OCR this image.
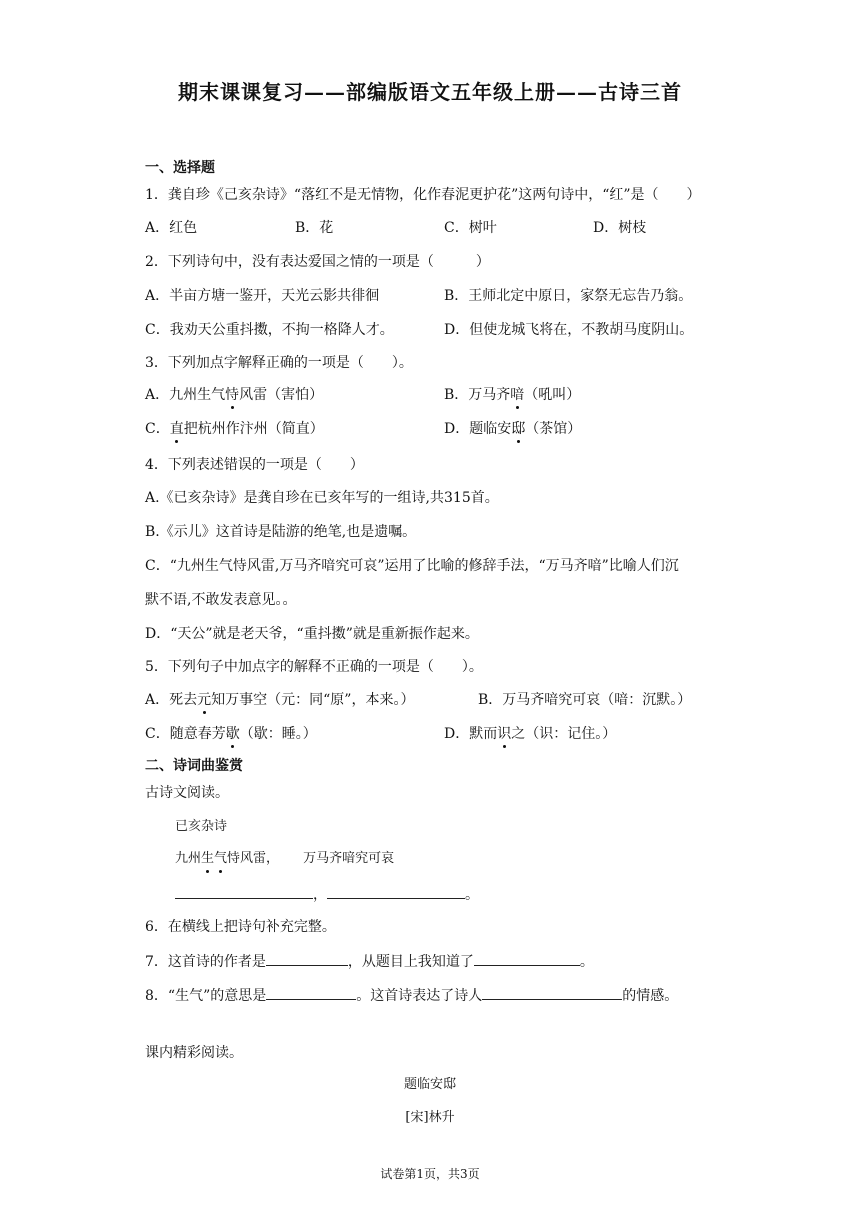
期末课课复习——部编版语文五年级上册——古诗三首
一、选择题
1．龚自珍《己亥杂诗》“落红不是无情物，化作春泥更护花”这两句诗中，“红”是（　　）
A．红色	B．花	C．树叶	D．树枝
2．下列诗句中，没有表达爱国之情的一项是（　　　）
A．半亩方塘一鉴开，天光云影共徘徊	B．王师北定中原日，家祭无忘告乃翁。
C．我劝天公重抖擞，不拘一格降人才。	D．但使龙城飞将在，不教胡马度阴山。
3．下列加点字解释正确的一项是（　　）。
A．九州生气恃风雷（害怕）	B．万马齐喑（吼叫）
C．直把杭州作汴州（简直）	D．题临安邸（茶馆）
4．下列表述错误的一项是（　　）
A.《已亥杂诗》是龚自珍在已亥年写的一组诗,共315首。
B.《示儿》这首诗是陆游的绝笔,也是遗嘱。
C．“九州生气恃风雷,万马齐喑究可哀”运用了比喻的修辞手法，“万马齐喑”比喻人们沉
默不语,不敢发表意见。。
D．“天公”就是老天爷，“重抖擞”就是重新振作起来。
5．下列句子中加点字的解释不正确的一项是（　　）。
A．死去元知万事空（元：同“原”，本来。）	B．万马齐喑究可哀（喑：沉默。）
C．随意春芳歇（歇：睡。）	D．默而识之（识：记住。）
二、诗词曲鉴赏
古诗文阅读。
已亥杂诗
九州生气恃风雷， 万马齐喑究可哀
，	。
6．在横线上把诗句补充完整。
7．这首诗的作者是	，从题目上我知道了	。
8．“生气”的意思是	。这首诗表达了诗人	的情感。
课内精彩阅读。
题临安邸
[宋]林升
试卷第1页，共3页
